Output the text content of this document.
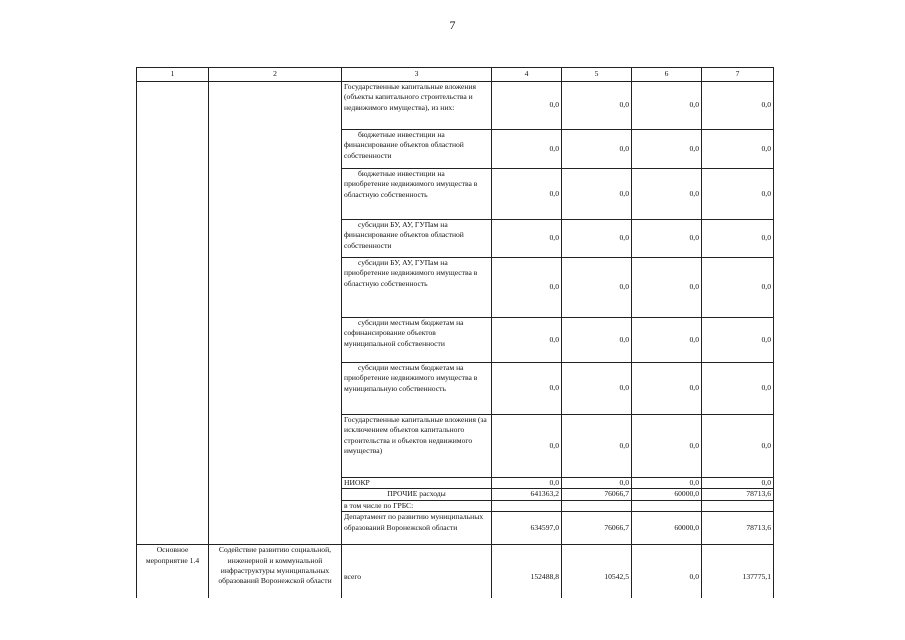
7
1	2	3	4	5	6	7
		Государственные капитальные вложения (объекты капитального строительства и недвижимого имущества), из них:	0,0	0,0	0,0	0,0
		бюджетные инвестиции на финансирование объектов областной собственности	0,0	0,0	0,0	0,0
		бюджетные инвестиции на приобретение недвижимого имущества в областную собственность	0,0	0,0	0,0	0,0
		субсидии БУ, АУ, ГУПам на финансирование объектов областной собственности	0,0	0,0	0,0	0,0
		субсидии БУ, АУ, ГУПам на приобретение недвижимого имущества в областную собственность	0,0	0,0	0,0	0,0
		субсидии местным бюджетам на софинансирование объектов муниципальной собственности	0,0	0,0	0,0	0,0
		субсидии местным бюджетам на приобретение недвижимого имущества в муниципальную собственность	0,0	0,0	0,0	0,0
		Государственные капитальные вложения (за исключением объектов капитального строительства и объектов недвижимого имущества)	0,0	0,0	0,0	0,0
		НИОКР	0,0	0,0	0,0	0,0
		ПРОЧИЕ расходы	641363,2	76066,7	60000,0	78713,6
		в том числе по ГРБС:				
		Департамент по развитию муниципальных образований Воронежской области	634597,0	76066,7	60000,0	78713,6
Основное мероприятие 1.4	Содействие развитию социальной, инженерной и коммунальной инфраструктуры муниципальных образований Воронежской области	всего	152488,8	10542,5	0,0	137775,1
